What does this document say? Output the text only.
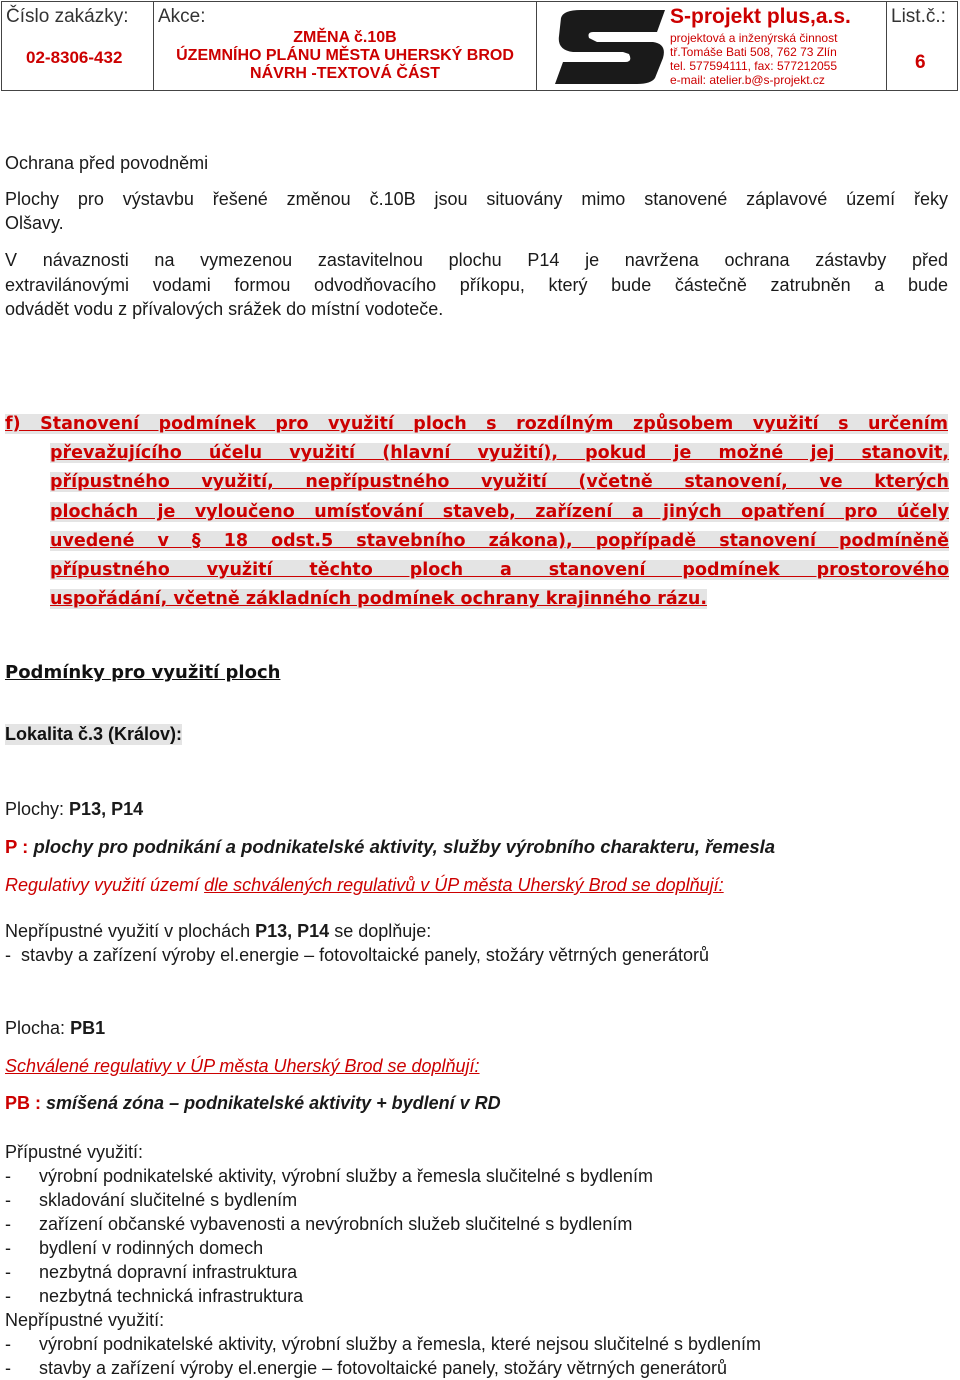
Číslo zakázky:
02-8306-432
Akce:
ZMĚNA č.10B
ÚZEMNÍHO PLÁNU MĚSTA UHERSKÝ BROD
NÁVRH -TEXTOVÁ ČÁST
S-projekt plus,a.s.
projektová a inženýrská činnost
tř.Tomáše Bati 508, 762 73 Zlín
tel. 577594111, fax: 577212055
e-mail: atelier.b@s-projekt.cz
List.č.:
6
Ochrana před povodněmi
Plochy pro výstavbu řešené změnou č.10B jsou situovány mimo stanovené záplavové území řeky
Olšavy.
V návaznosti na vymezenou zastavitelnou plochu P14 je navržena ochrana zástavby před
extravilánovými vodami formou odvodňovacího příkopu, který bude částečně zatrubněn a bude
odvádět vodu z přívalových srážek do místní vodoteče.
f) Stanovení podmínek pro využití ploch s rozdílným způsobem využití s určením
převažujícího účelu využití (hlavní využití), pokud je možné jej stanovit,
přípustného využití, nepřípustného využití (včetně stanovení, ve kterých
plochách je vyloučeno umísťování staveb, zařízení a jiných opatření pro účely
uvedené v § 18 odst.5 stavebního zákona), popřípadě stanovení podmíněně
přípustného využití těchto ploch a stanovení podmínek prostorového
uspořádání, včetně základních podmínek ochrany krajinného rázu.
Podmínky pro využití ploch
Lokalita č.3 (Králov):
Plochy: P13, P14
P : plochy pro podnikání a podnikatelské aktivity, služby výrobního charakteru, řemesla
Regulativy využití území dle schválených regulativů v ÚP města Uherský Brod se doplňují:
Nepřípustné využití v plochách P13, P14 se doplňuje:
-  stavby a zařízení výroby el.energie – fotovoltaické panely, stožáry větrných generátorů
Plocha: PB1
Schválené regulativy v ÚP města Uherský Brod se doplňují:
PB : smíšená zóna – podnikatelské aktivity + bydlení v RD
Přípustné využití:
- výrobní podnikatelské aktivity, výrobní služby a řemesla slučitelné s bydlením
- skladování slučitelné s bydlením
- zařízení občanské vybavenosti a nevýrobních služeb slučitelné s bydlením
- bydlení v rodinných domech
- nezbytná dopravní infrastruktura
- nezbytná technická infrastruktura
Nepřípustné využití:
- výrobní podnikatelské aktivity, výrobní služby a řemesla, které nejsou slučitelné s bydlením
- stavby a zařízení výroby el.energie – fotovoltaické panely, stožáry větrných generátorů
